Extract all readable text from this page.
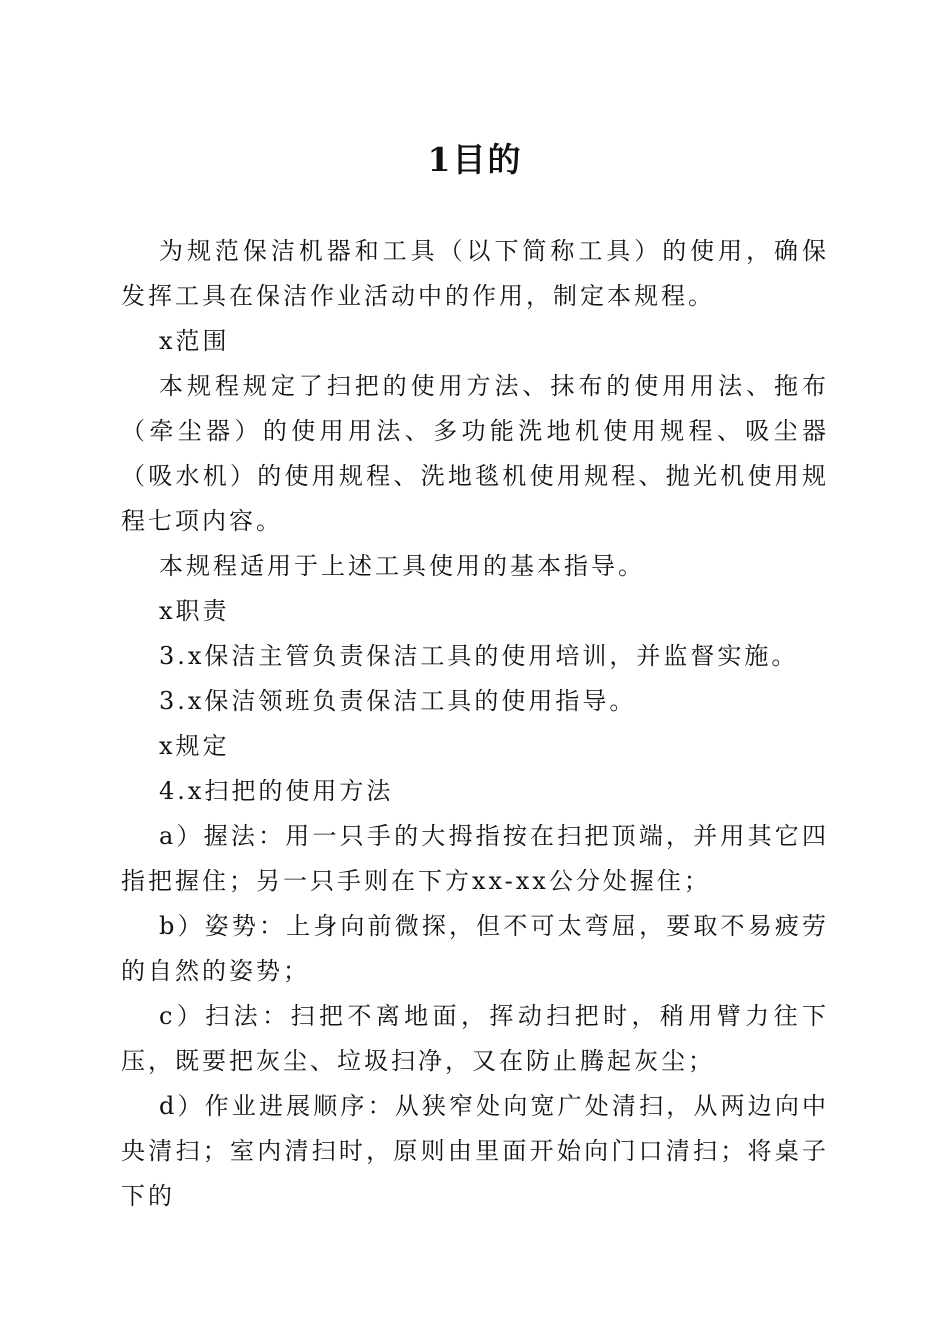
1目的

为规范保洁机器和工具（以下简称工具）的使用，确保发挥工具在保洁作业活动中的作用，制定本规程。

x范围

本规程规定了扫把的使用方法、抹布的使用用法、拖布（牵尘器）的使用用法、多功能洗地机使用规程、吸尘器（吸水机）的使用规程、洗地毯机使用规程、抛光机使用规程七项内容。

本规程适用于上述工具使用的基本指导。

x职责

3.x保洁主管负责保洁工具的使用培训，并监督实施。

3.x保洁领班负责保洁工具的使用指导。

x规定

4.x扫把的使用方法

a）握法：用一只手的大拇指按在扫把顶端，并用其它四指把握住；另一只手则在下方xx-xx公分处握住；

b）姿势：上身向前微探，但不可太弯屈，要取不易疲劳的自然的姿势；

c）扫法：扫把不离地面，挥动扫把时，稍用臂力往下压，既要把灰尘、垃圾扫净，又在防止腾起灰尘；

d）作业进展顺序：从狭窄处向宽广处清扫，从两边向中央清扫；室内清扫时，原则由里面开始向门口清扫；将桌子下的
